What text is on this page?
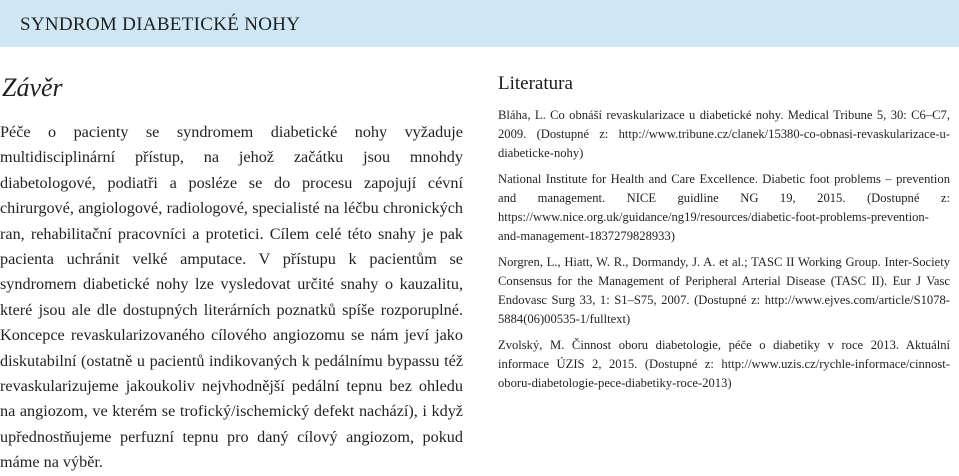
SYNDROM DIABETICKÉ NOHY
Závěr

Péče o pacienty se syndromem diabetické nohy vyžaduje multidisciplinární přístup, na jehož začátku jsou mnohdy diabetologové, podiatři a posléze se do procesu zapojují cévní chirurgové, angiologové, radiologové, specialisté na léčbu chronických ran, rehabilitační pracovníci a protetici. Cílem celé této snahy je pak pacienta uchránit velké amputace. V přístupu k pacientům se syndromem diabetické nohy lze vysledovat určité snahy o kauzalitu, které jsou ale dle dostupných literárních poznatků spíše rozporuplné. Koncepce revaskularizovaného cílového angiozomu se nám jeví jako diskutabilní (ostatně u pacientů indikovaných k pedálnímu bypassu též revaskularizujeme jakoukoliv nejvhodnější pedální tepnu bez ohledu na angiozom, ve kterém se trofický/ischemický defekt nachází), i když upřednostňujeme perfuzní tepnu pro daný cílový angiozom, pokud máme na výběr.

Literatura
Bláha, L. Co obnáší revaskularizace u diabetické nohy. Medical Tribune 5, 30: C6–C7, 2009. (Dostupné z: http://www.tribune.cz/clanek/15380-co-obnasi-revaskularizace-u-diabeticke-nohy)
National Institute for Health and Care Excellence. Diabetic foot problems – prevention and management. NICE guidline NG 19, 2015. (Dostupné z: https://www.nice.org.uk/guidance/ng19/resources/diabetic-foot-problems-prevention-and-management-1837279828933)
Norgren, L., Hiatt, W. R., Dormandy, J. A. et al.; TASC II Working Group. Inter-Society Consensus for the Management of Peripheral Arterial Disease (TASC II). Eur J Vasc Endovasc Surg 33, 1: S1–S75, 2007. (Dostupné z: http://www.ejves.com/article/S1078-5884(06)00535-1/fulltext)
Zvolský, M. Činnost oboru diabetologie, péče o diabetiky v roce 2013. Aktuální informace ÚZIS 2, 2015. (Dostupné z: http://www.uzis.cz/rychle-informace/cinnost-oboru-diabetologie-pece-diabetiky-roce-2013)
